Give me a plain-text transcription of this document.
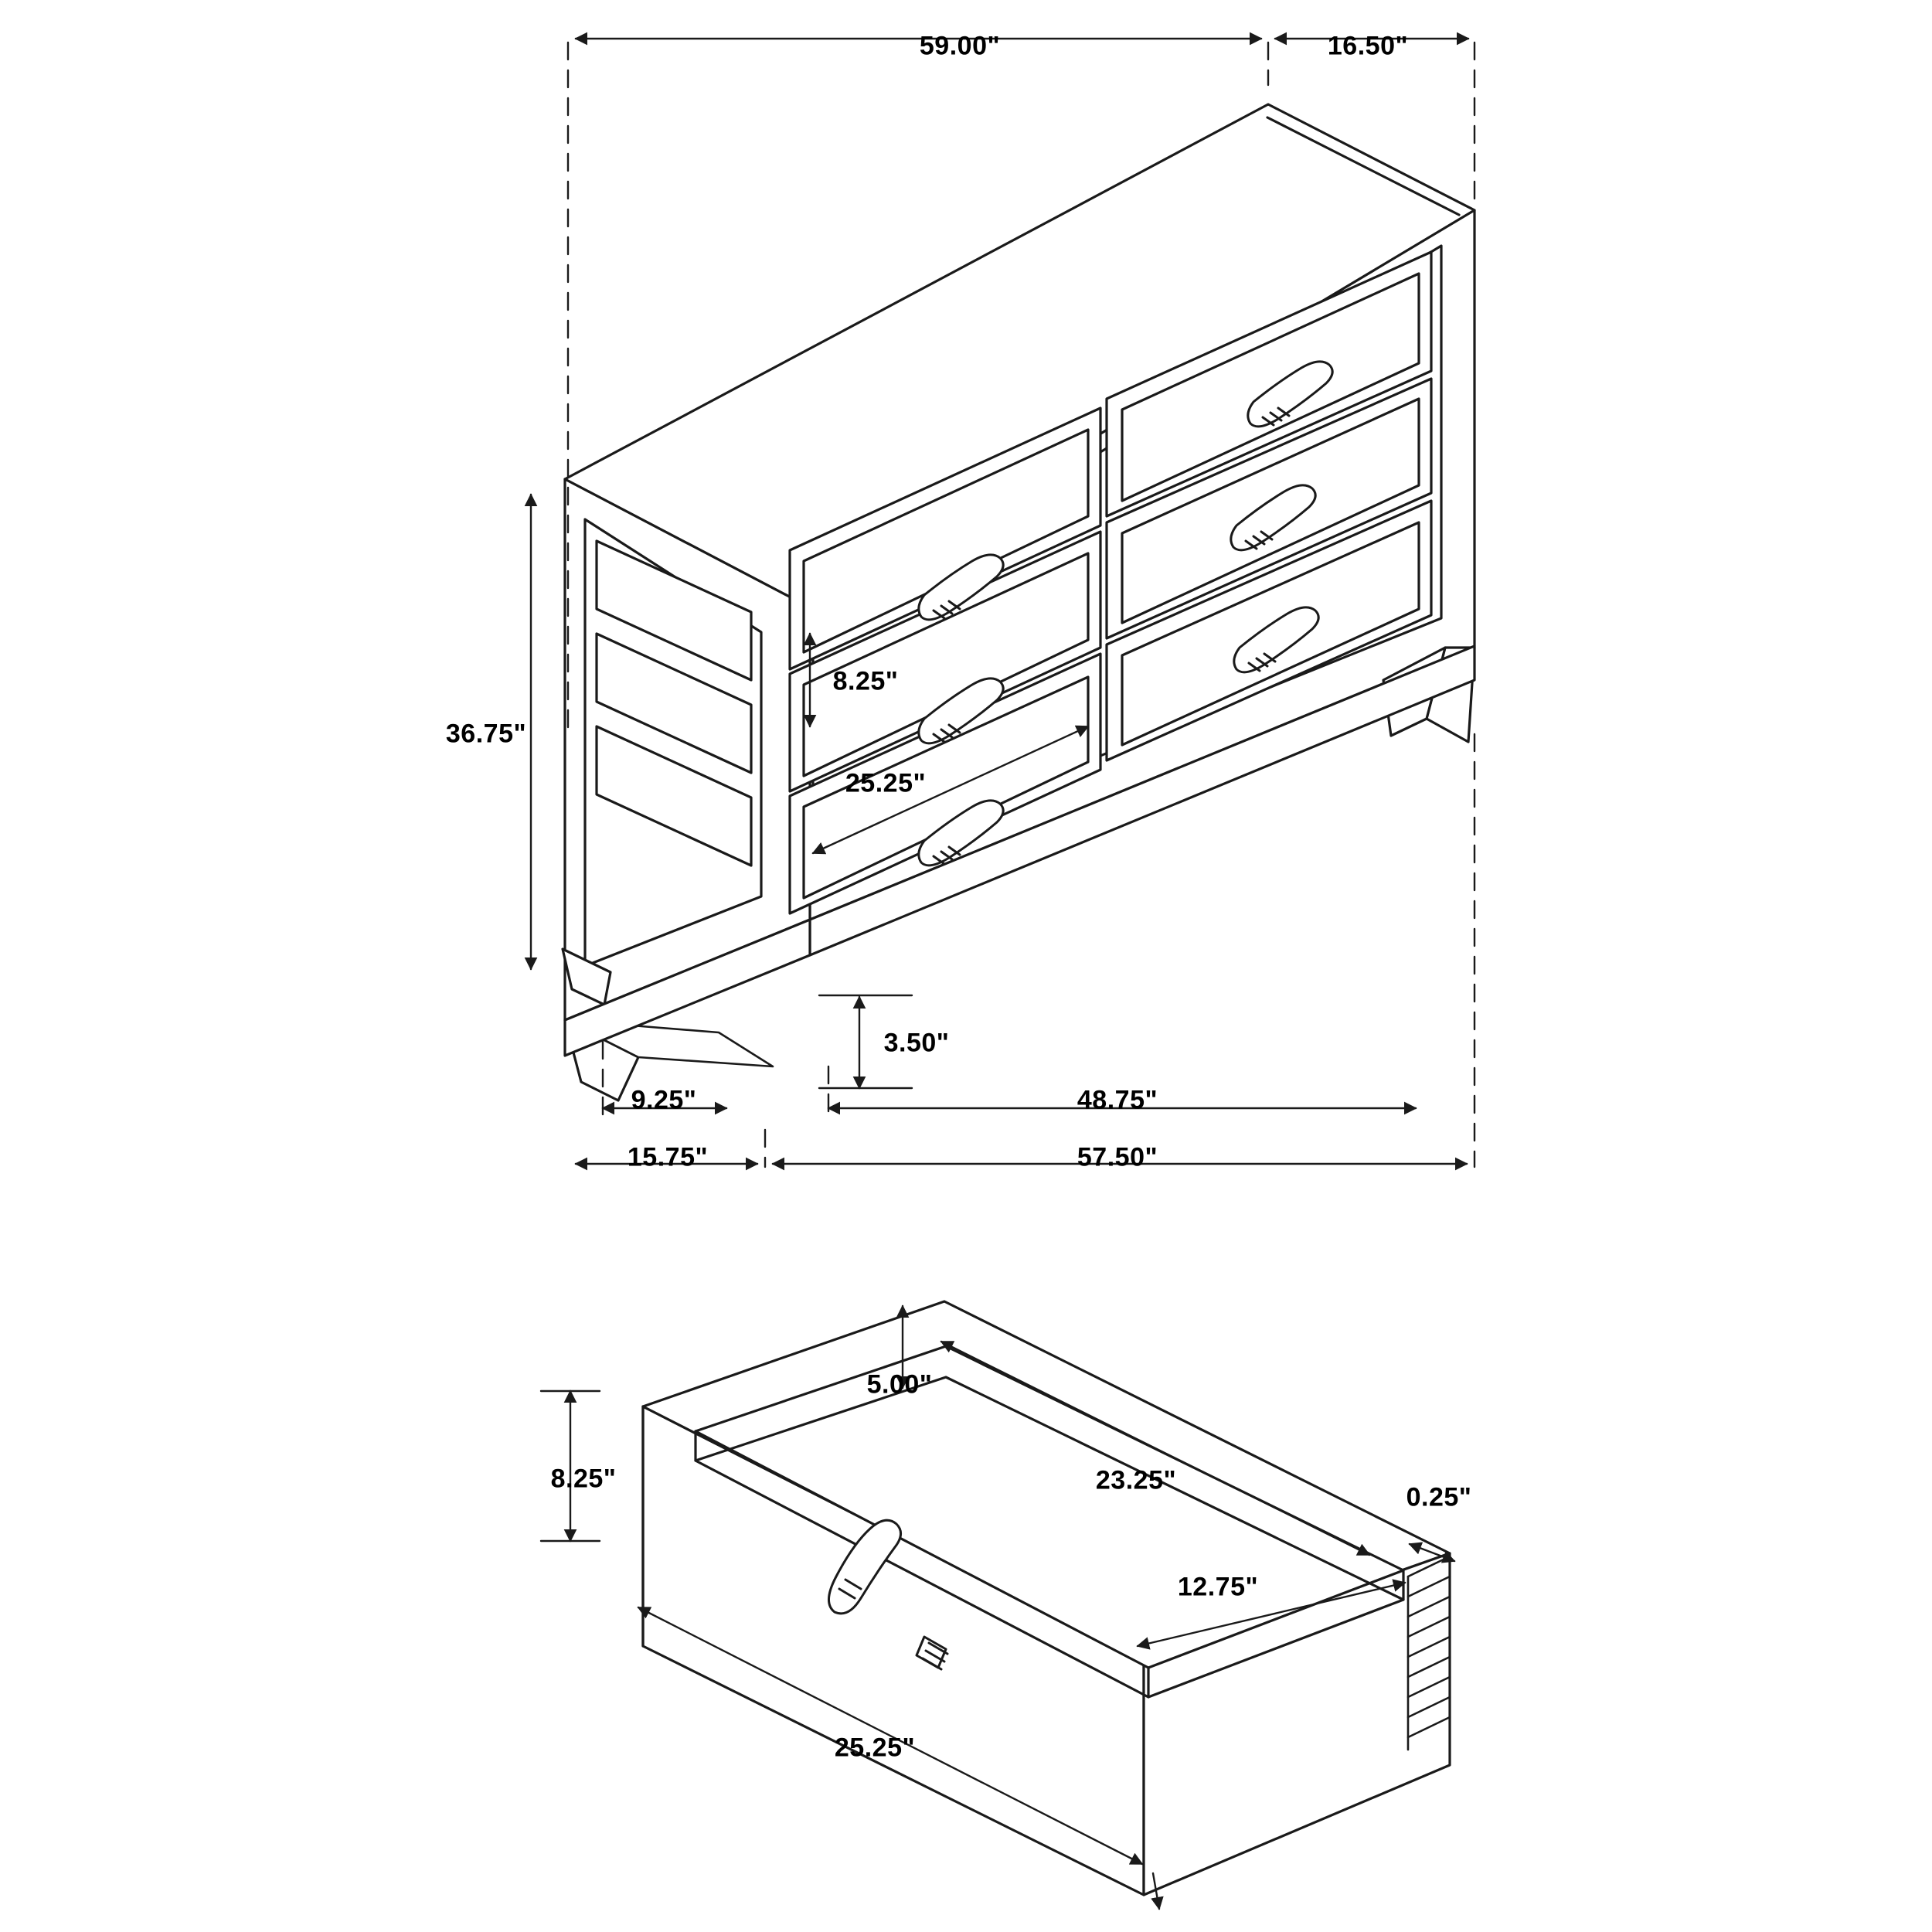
59.00"	16.50"
36.75"
8.25"
25.25"
3.50"
9.25"
15.75"
48.75"
57.50"
8.25"
5.00"
23.25"
0.25"
12.75"
25.25"
